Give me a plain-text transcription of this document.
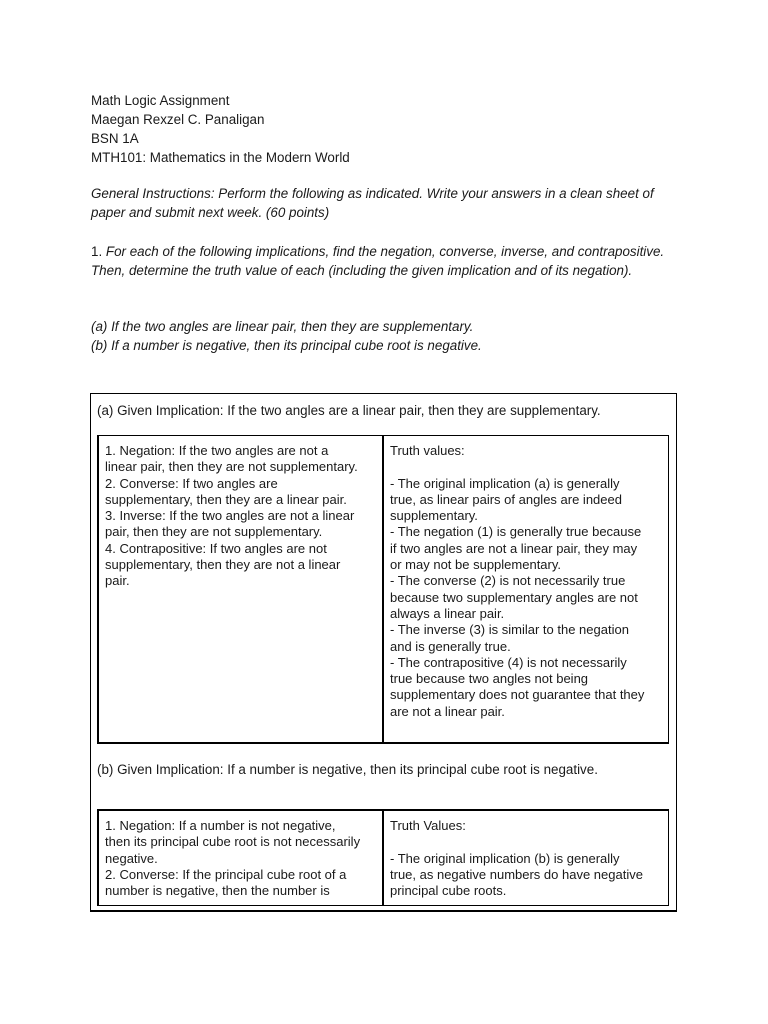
Math Logic Assignment
Maegan Rexzel C. Panaligan
BSN 1A
MTH101: Mathematics in the Modern World
General Instructions: Perform the following as indicated. Write your answers in a clean sheet of paper and submit next week. (60 points)
1. For each of the following implications, find the negation, converse, inverse, and contrapositive. Then, determine the truth value of each (including the given implication and of its negation).
(a) If the two angles are linear pair, then they are supplementary.
(b) If a number is negative, then its principal cube root is negative.
(a) Given Implication: If the two angles are a linear pair, then they are supplementary.
1. Negation: If the two angles are not a
linear pair, then they are not supplementary.
2. Converse: If two angles are
supplementary, then they are a linear pair.
3. Inverse: If the two angles are not a linear
pair, then they are not supplementary.
4. Contrapositive: If two angles are not
supplementary, then they are not a linear
pair.
Truth values:
- The original implication (a) is generally
true, as linear pairs of angles are indeed
supplementary.
- The negation (1) is generally true because
if two angles are not a linear pair, they may
or may not be supplementary.
- The converse (2) is not necessarily true
because two supplementary angles are not
always a linear pair.
- The inverse (3) is similar to the negation
and is generally true.
- The contrapositive (4) is not necessarily
true because two angles not being
supplementary does not guarantee that they
are not a linear pair.
(b) Given Implication: If a number is negative, then its principal cube root is negative.
1. Negation: If a number is not negative,
then its principal cube root is not necessarily
negative.
2. Converse: If the principal cube root of a
number is negative, then the number is
Truth Values:
- The original implication (b) is generally
true, as negative numbers do have negative
principal cube roots.
